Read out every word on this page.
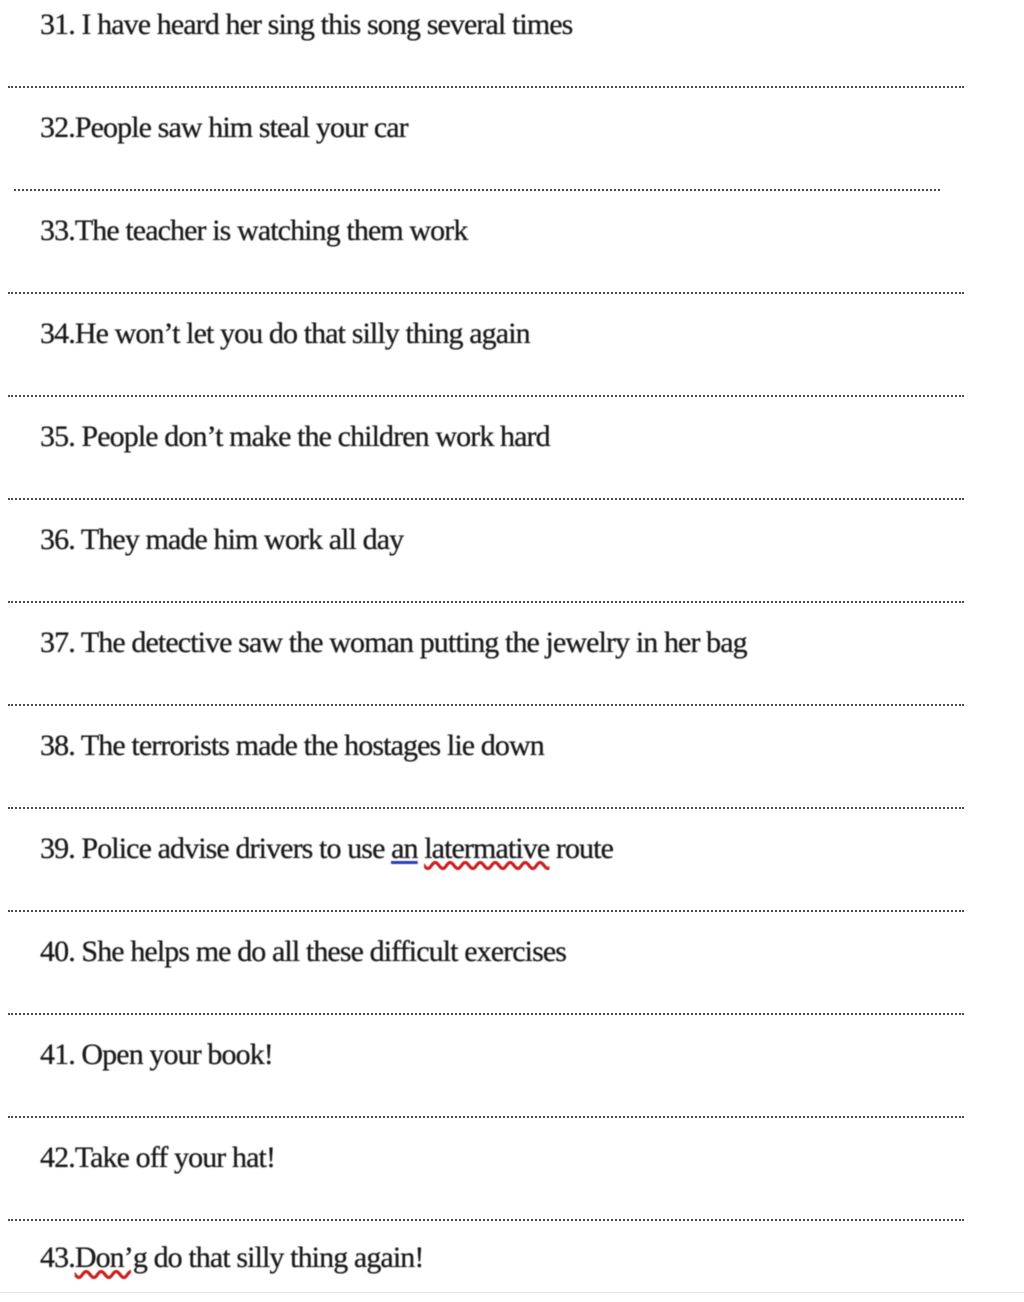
31. I have heard her sing this song several times
32.People saw him steal your car
33.The teacher is watching them work
34.He won’t let you do that silly thing again
35. People don’t make the children work hard
36. They made him work all day
37. The detective saw the woman putting the jewelry in her bag
38. The terrorists made the hostages lie down
39. Police advise drivers to use an latermative route
40. She helps me do all these difficult exercises
41. Open your book!
42.Take off your hat!
43.Don’g do that silly thing again!
